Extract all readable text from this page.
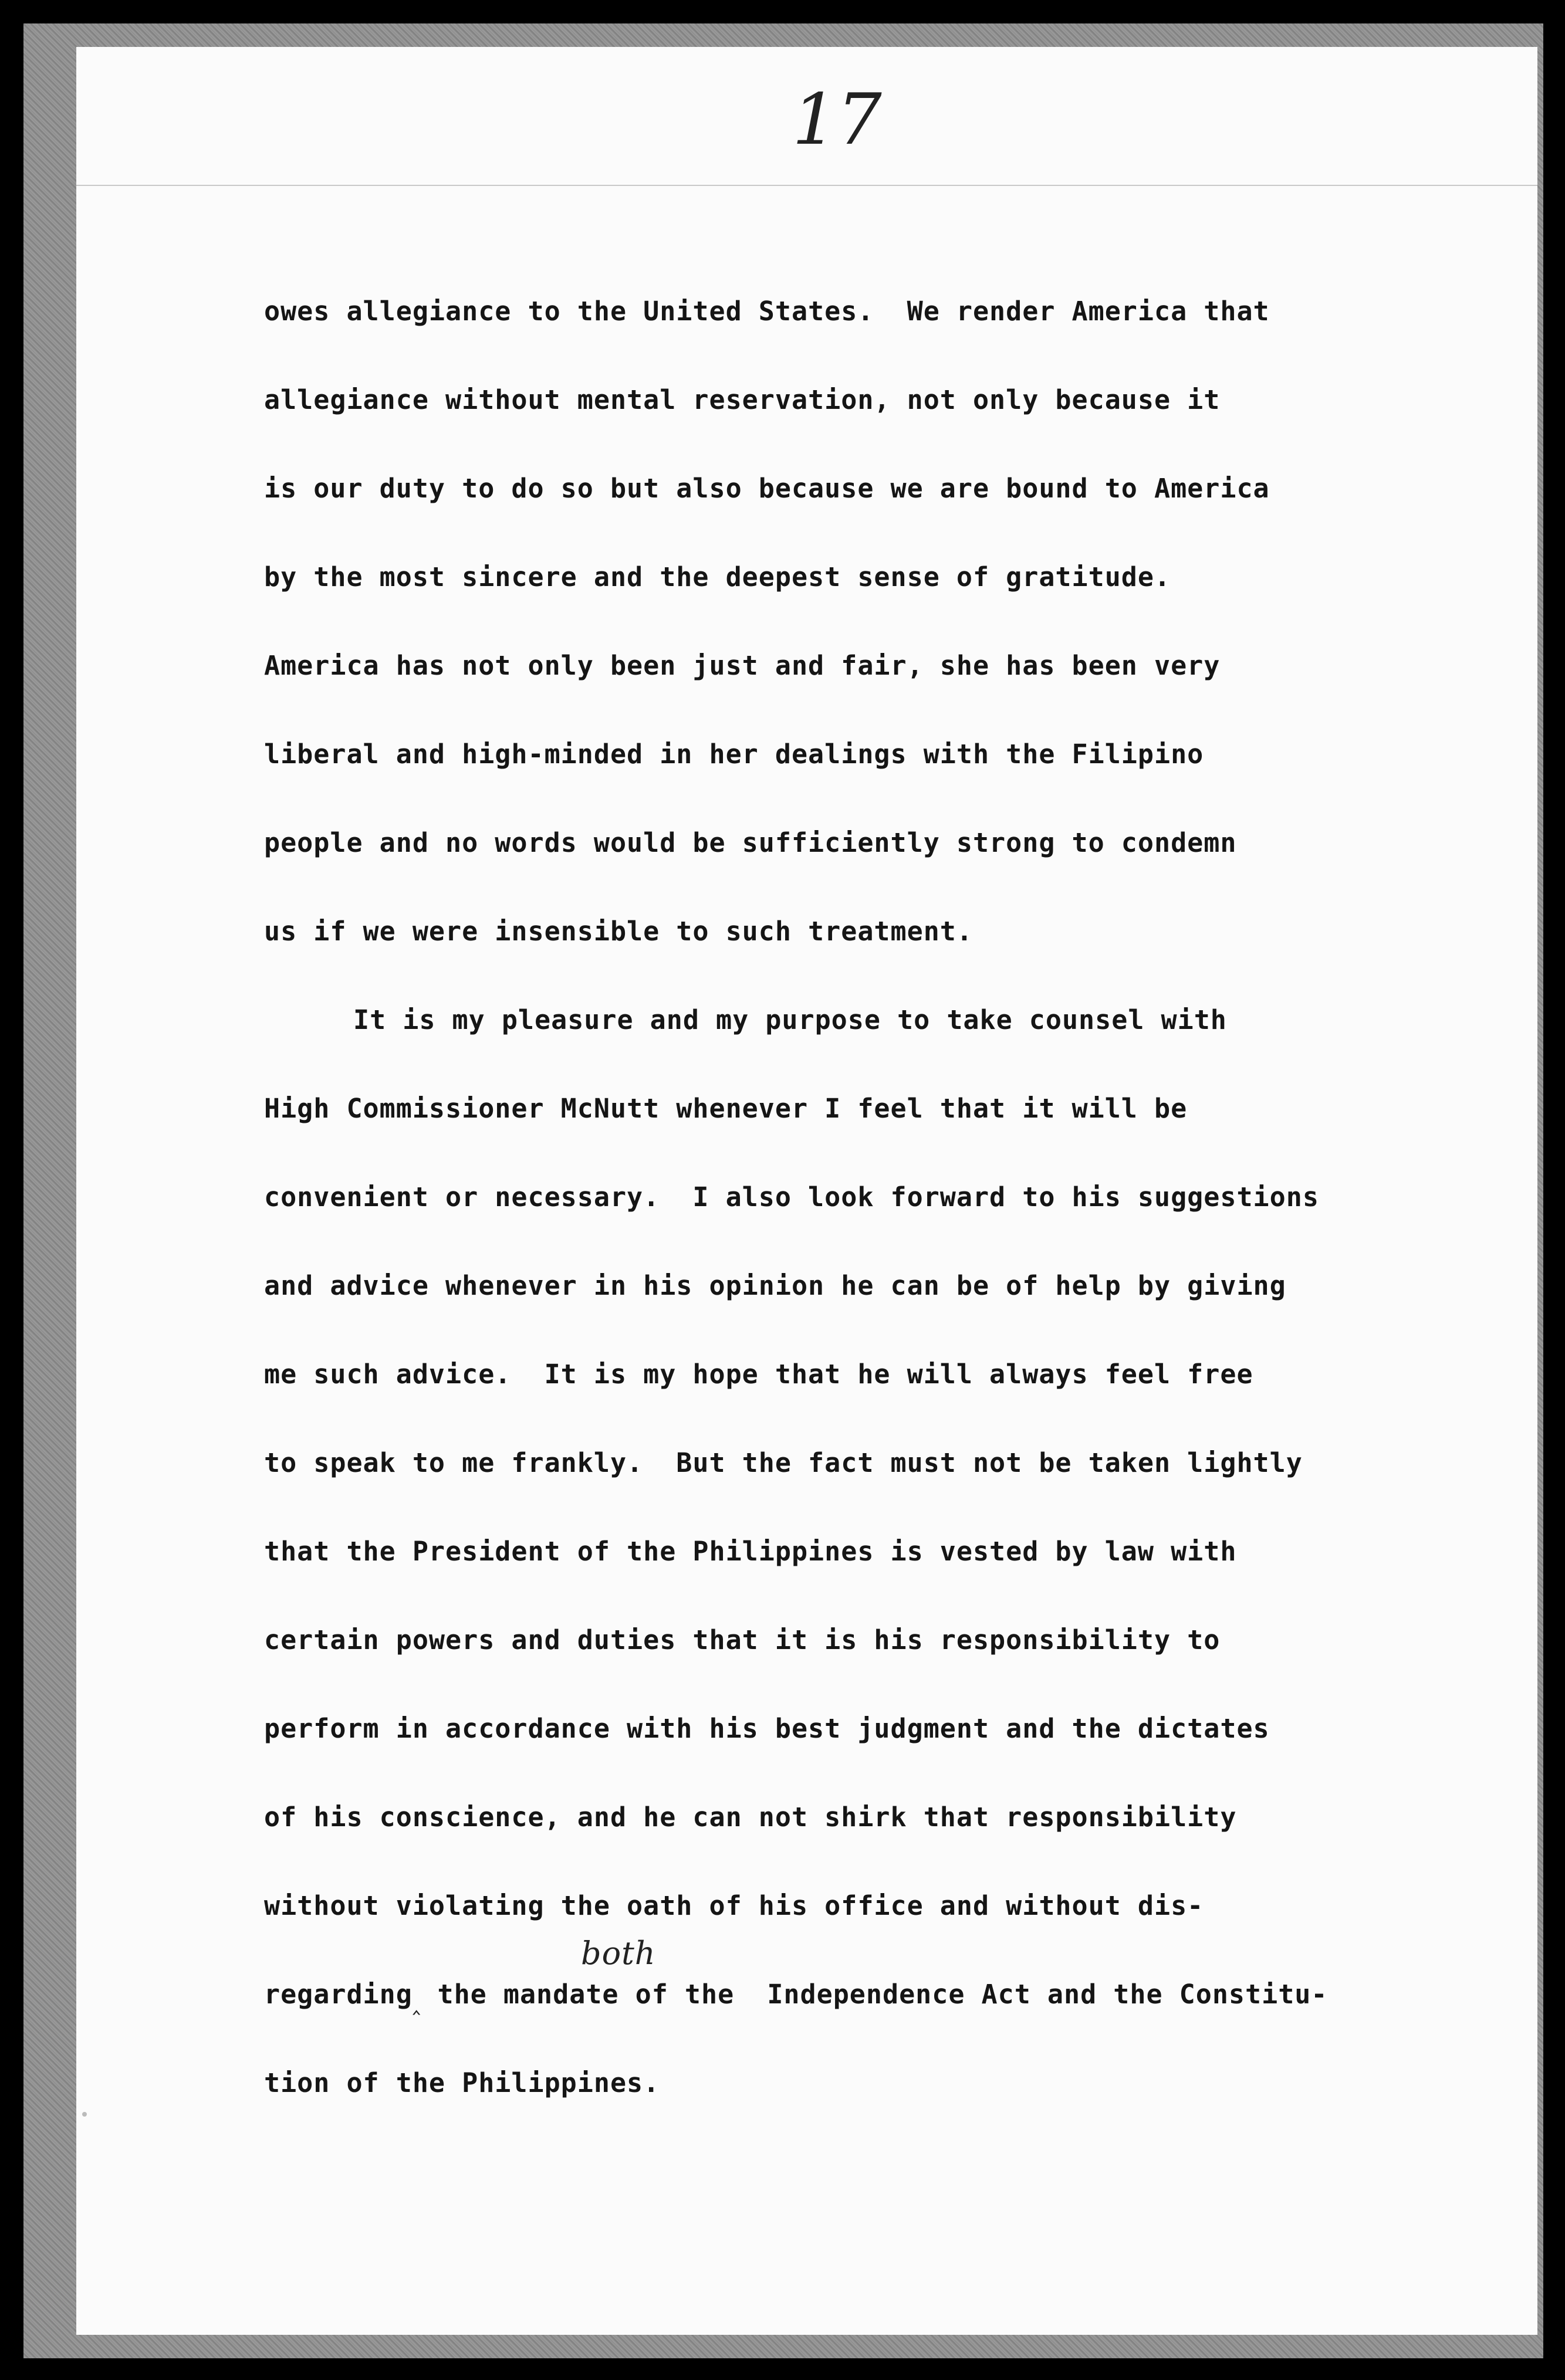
17
owes allegiance to the United States.  We render America that
allegiance without mental reservation, not only because it
is our duty to do so but also because we are bound to America
by the most sincere and the deepest sense of gratitude.
America has not only been just and fair, she has been very
liberal and high-minded in her dealings with the Filipino
people and no words would be sufficiently strong to condemn
us if we were insensible to such treatment.
It is my pleasure and my purpose to take counsel with
High Commissioner McNutt whenever I feel that it will be
convenient or necessary.  I also look forward to his suggestions
and advice whenever in his opinion he can be of help by giving
me such advice.  It is my hope that he will always feel free
to speak to me frankly.  But the fact must not be taken lightly
that the President of the Philippines is vested by law with
certain powers and duties that it is his responsibility to
perform in accordance with his best judgment and the dictates
of his conscience, and he can not shirk that responsibility
without violating the oath of his office and without dis-
both
regarding‸ the mandate of the  Independence Act and the Constitu-
tion of the Philippines.
